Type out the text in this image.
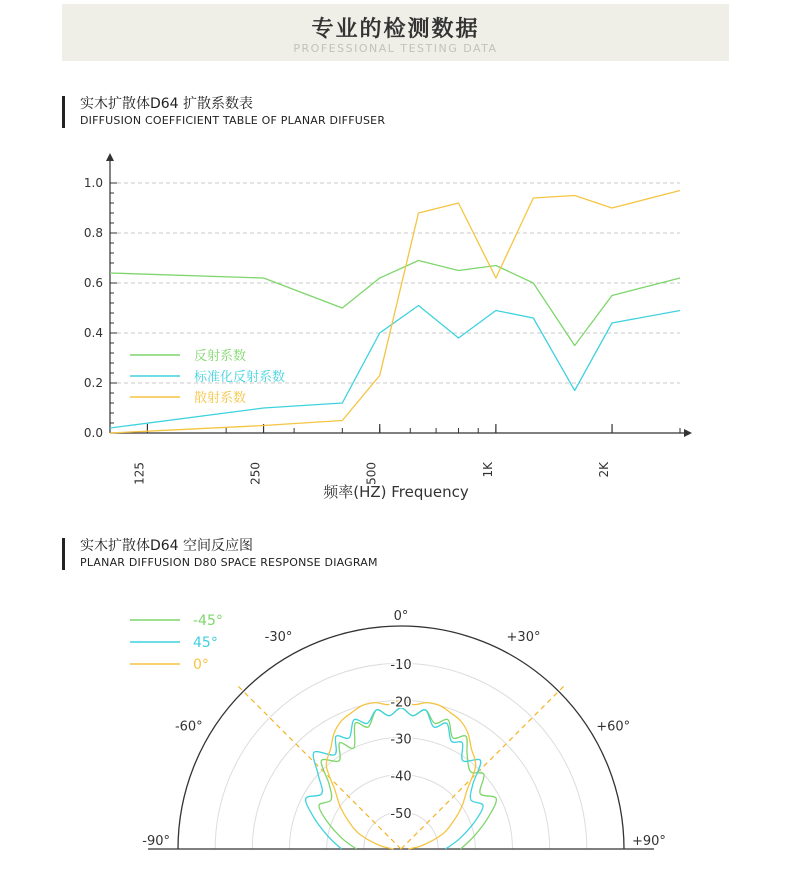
专业的检测数据
PROFESSIONAL TESTING DATA
实木扩散体D64 扩散系数表
DIFFUSION COEFFICIENT TABLE OF PLANAR DIFFUSER
0.0
0.2
0.4
0.6
0.8
1.0
125	250	500	1K	2K
反射系数
标准化反射系数
散射系数
频率(HZ) Frequency
实木扩散体D64 空间反应图
PLANAR DIFFUSION D80 SPACE RESPONSE DIAGRAM
-10
-20
-30
-40
-50
-90°
-60°
-30°
0°
+30°
+60°
+90°
-45°
45°
0°
